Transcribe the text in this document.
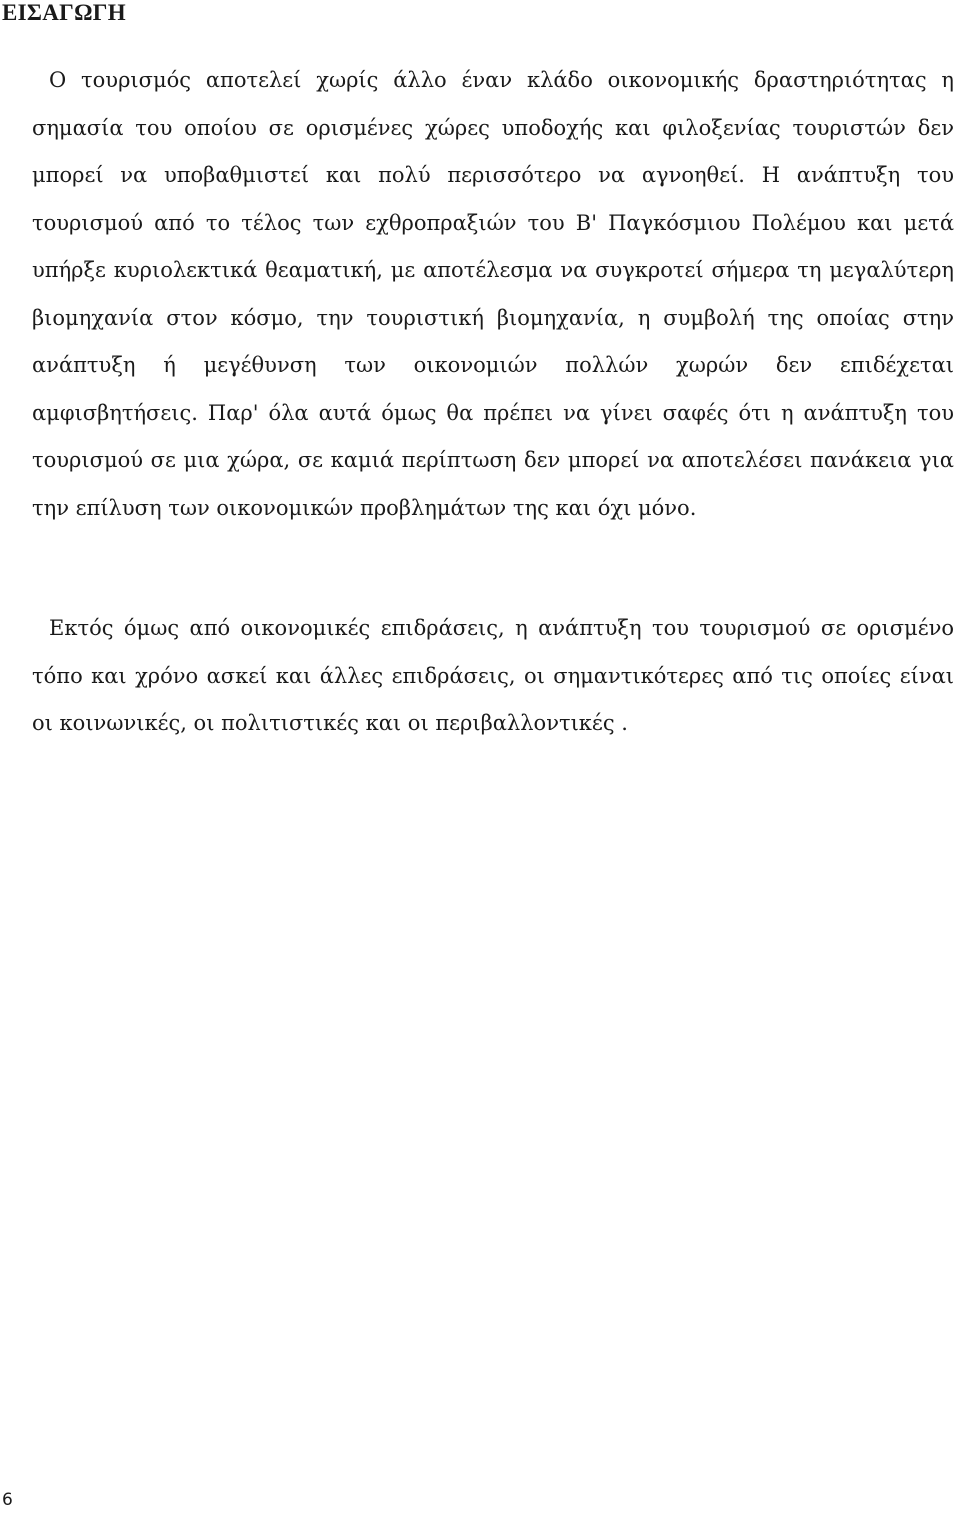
ΕΙΣΑΓΩΓΗ

Ο τουρισμός αποτελεί χωρίς άλλο έναν κλάδο οικονομικής δραστηριότητας η σημασία του οποίου σε ορισμένες χώρες υποδοχής και φιλοξενίας τουριστών δεν μπορεί να υποβαθμιστεί και πολύ περισσότερο να αγνοηθεί. Η ανάπτυξη του τουρισμού από το τέλος των εχθροπραξιών του Β' Παγκόσμιου Πολέμου και μετά υπήρξε κυριολεκτικά θεαματική, με αποτέλεσμα να συγκροτεί σήμερα τη μεγαλύτερη βιομηχανία στον κόσμο, την τουριστική βιομηχανία, η συμβολή της οποίας στην ανάπτυξη ή μεγέθυνση των οικονομιών πολλών χωρών δεν επιδέχεται αμφισβητήσεις. Παρ' όλα αυτά όμως θα πρέπει να γίνει σαφές ότι η ανάπτυξη του τουρισμού σε μια χώρα, σε καμιά περίπτωση δεν μπορεί να αποτελέσει πανάκεια για την επίλυση των οικονομικών προβλημάτων της και όχι μόνο.

Εκτός όμως από οικονομικές επιδράσεις, η ανάπτυξη του τουρισμού σε ορισμένο τόπο και χρόνο ασκεί και άλλες επιδράσεις, οι σημαντικότερες από τις οποίες είναι οι κοινωνικές, οι πολιτιστικές και οι περιβαλλοντικές .

6
